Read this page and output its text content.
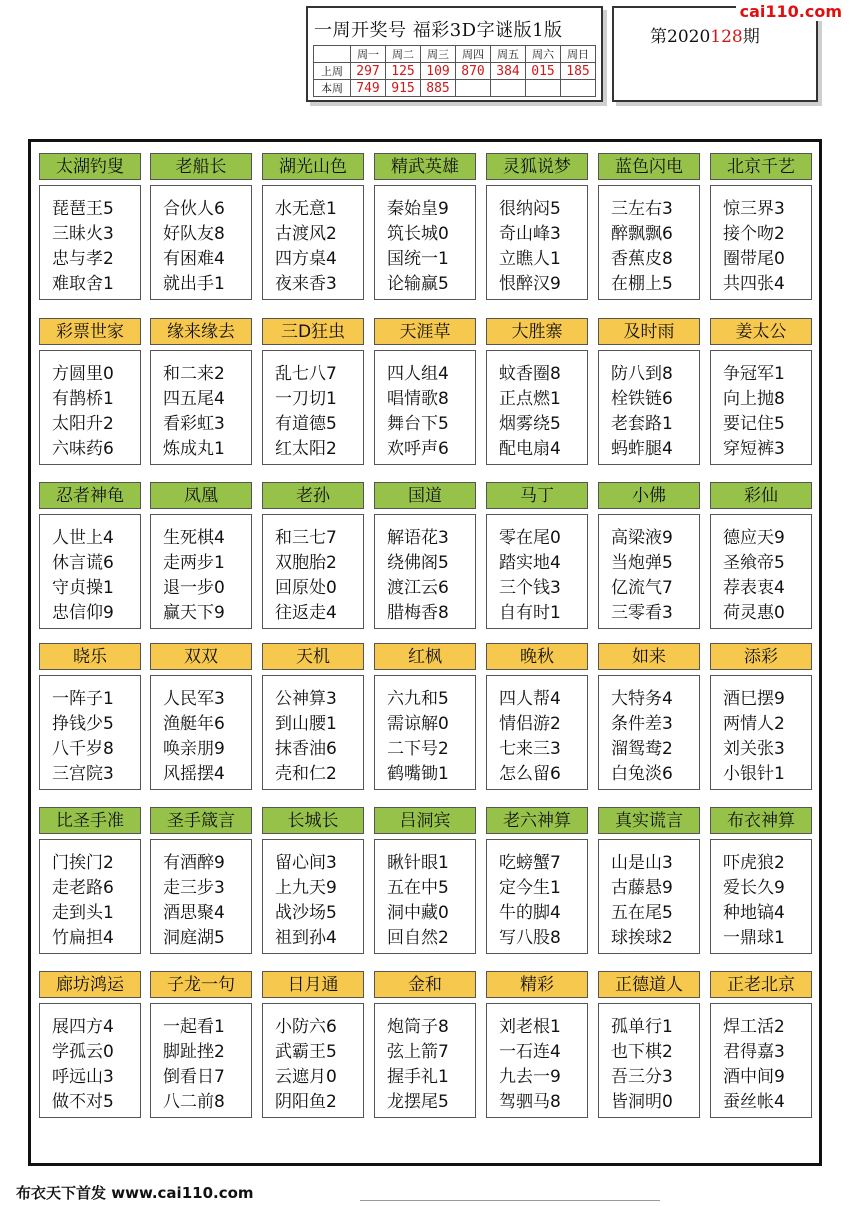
一周开奖号 福彩3D字谜版1版
	周一	周二	周三	周四	周五	周六	周日
上周	297	125	109	870	384	015	185
本周	749	915	885				
第2020128期
cai110.com
太湖钓叟
琵琶王5
三昧火3
忠与孝2
难取舍1
老船长
合伙人6
好队友8
有困难4
就出手1
湖光山色
水无意1
古渡风2
四方桌4
夜来香3
精武英雄
秦始皇9
筑长城0
国统一1
论输赢5
灵狐说梦
很纳闷5
奇山峰3
立瞧人1
恨醉汉9
蓝色闪电
三左右3
醉飘飘6
香蕉皮8
在棚上5
北京千艺
惊三界3
接个吻2
圈带尾0
共四张4
彩票世家
方圆里0
有鹊桥1
太阳升2
六味药6
缘来缘去
和二来2
四五尾4
看彩虹3
炼成丸1
三D狂虫
乱七八7
一刀切1
有道德5
红太阳2
天涯草
四人组4
唱情歌8
舞台下5
欢呼声6
大胜寨
蚊香圈8
正点燃1
烟雾绕5
配电扇4
及时雨
防八到8
栓铁链6
老套路1
蚂蚱腿4
姜太公
争冠军1
向上抛8
要记住5
穿短裤3
忍者神龟
人世上4
休言谎6
守贞操1
忠信仰9
凤凰
生死棋4
走两步1
退一步0
赢天下9
老孙
和三七7
双胞胎2
回原处0
往返走4
国道
解语花3
绕佛阁5
渡江云6
腊梅香8
马丁
零在尾0
踏实地4
三个钱3
自有时1
小佛
高梁液9
当炮弹5
亿流气7
三零看3
彩仙
德应天9
圣飨帝5
荐表衷4
荷灵惠0
晓乐
一阵子1
挣钱少5
八千岁8
三宫院3
双双
人民军3
渔艇年6
唤亲朋9
风摇摆4
天机
公神算3
到山腰1
抹香油6
壳和仁2
红枫
六九和5
需谅解0
二下号2
鹤嘴锄1
晚秋
四人帮4
情侣游2
七来三3
怎么留6
如来
大特务4
条件差3
溜鸳鸯2
白兔淡6
添彩
酒巳摆9
两情人2
刘关张3
小银针1
比圣手准
门挨门2
走老路6
走到头1
竹扁担4
圣手箴言
有酒醉9
走三步3
酒思聚4
洞庭湖5
长城长
留心间3
上九天9
战沙场5
祖到孙4
吕洞宾
瞅针眼1
五在中5
洞中藏0
回自然2
老六神算
吃螃蟹7
定今生1
牛的脚4
写八股8
真实谎言
山是山3
古藤悬9
五在尾5
球挨球2
布衣神算
吓虎狼2
爱长久9
种地镐4
一鼎球1
廊坊鸿运
展四方4
学孤云0
呼远山3
做不对5
子龙一句
一起看1
脚趾挫2
倒看日7
八二前8
日月通
小防六6
武霸王5
云遮月0
阴阳鱼2
金和
炮筒子8
弦上箭7
握手礼1
龙摆尾5
精彩
刘老根1
一石连4
九去一9
驾驷马8
正德道人
孤单行1
也下棋2
吾三分3
皆洞明0
正老北京
焊工活2
君得嘉3
酒中间9
蚕丝帐4
布衣天下首发 www.cai110.com
